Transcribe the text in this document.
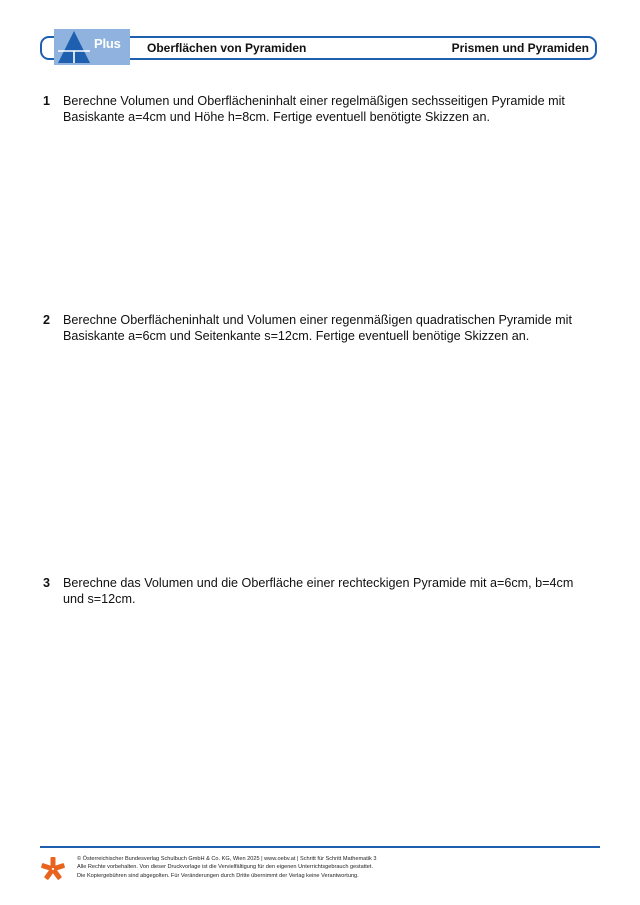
Plus Oberflächen von Pyramiden	Prismen und Pyramiden
1 Berechne Volumen und Oberflächeninhalt einer regelmäßigen sechsseitigen Pyramide mit
Basiskante a=4cm und Höhe h=8cm. Fertige eventuell benötigte Skizzen an.
2 Berechne Oberflächeninhalt und Volumen einer regenmäßigen quadratischen Pyramide mit
Basiskante a=6cm und Seitenkante s=12cm. Fertige eventuell benötige Skizzen an.
3 Berechne das Volumen und die Oberfläche einer rechteckigen Pyramide mit a=6cm, b=4cm
und s=12cm.
© Österreichischer Bundesverlag Schulbuch GmbH & Co. KG, Wien 2025 | www.oebv.at | Schritt für Schritt Mathematik 3
Alle Rechte vorbehalten. Von dieser Druckvorlage ist die Vervielfältigung für den eigenen Unterrichtsgebrauch gestattet.
Die Kopiergebühren sind abgegolten. Für Veränderungen durch Dritte übernimmt der Verlag keine Verantwortung.
